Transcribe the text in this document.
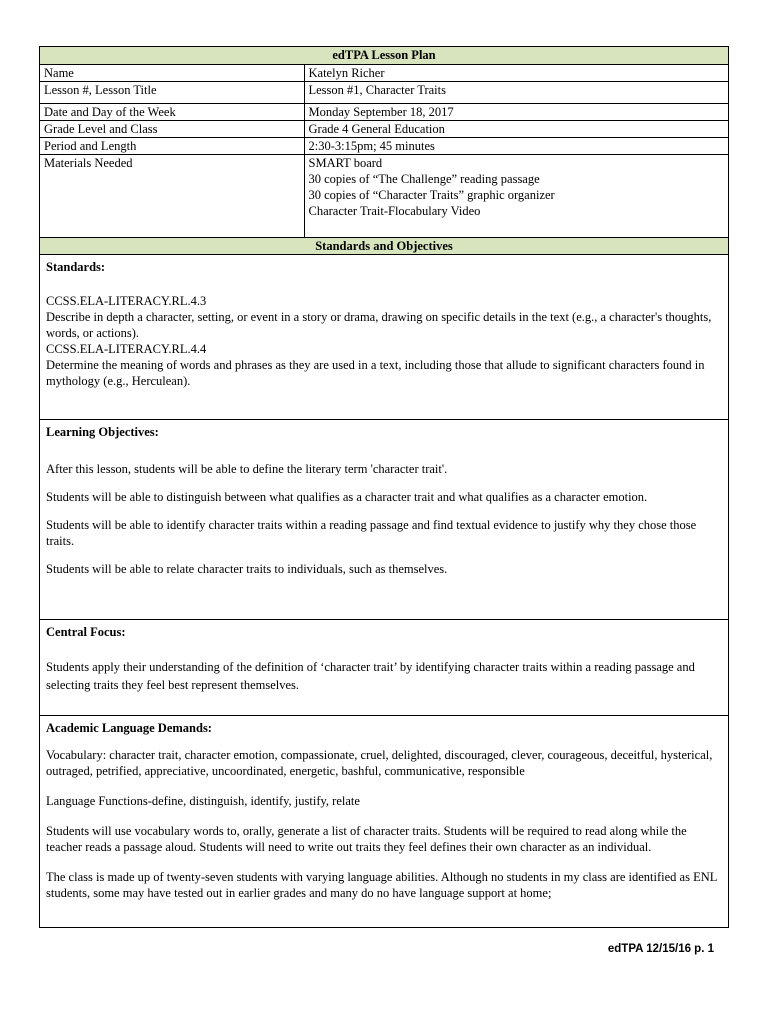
edTPA Lesson Plan	
Name	Katelyn Richer
Lesson #, Lesson Title	Lesson #1, Character Traits
Date and Day of the Week	Monday September 18, 2017
Grade Level and Class	Grade 4 General Education
Period and Length	2:30-3:15pm; 45 minutes
Materials Needed	SMART board
30 copies of “The Challenge” reading passage
30 copies of “Character Traits” graphic organizer
Character Trait-Flocabulary Video

Standards and Objectives	
Standards:

CCSS.ELA-LITERACY.RL.4.3

Describe in depth a character, setting, or event in a story or drama, drawing on specific details in the text (e.g., a character's thoughts, words, or actions).

CCSS.ELA-LITERACY.RL.4.4

Determine the meaning of words and phrases as they are used in a text, including those that allude to significant characters found in mythology (e.g., Herculean).

Learning Objectives:

After this lesson, students will be able to define the literary term 'character trait'.

Students will be able to distinguish between what qualifies as a character trait and what qualifies as a character emotion.

Students will be able to identify character traits within a reading passage and find textual evidence to justify why they chose those traits.

Students will be able to relate character traits to individuals, such as themselves.

Central Focus:

Students apply their understanding of the definition of ‘character trait’ by identifying character traits within a reading passage and selecting traits they feel best represent themselves.

Academic Language Demands:

Vocabulary: character trait, character emotion, compassionate, cruel, delighted, discouraged, clever, courageous, deceitful, hysterical, outraged, petrified, appreciative, uncoordinated, energetic, bashful, communicative, responsible

Language Functions-define, distinguish, identify, justify, relate

Students will use vocabulary words to, orally, generate a list of character traits. Students will be required to read along while the teacher reads a passage aloud. Students will need to write out traits they feel defines their own character as an individual.

The class is made up of twenty-seven students with varying language abilities. Although no students in my class are identified as ENL students, some may have tested out in earlier grades and many do no have language support at home;

edTPA 12/15/16 p. 1
